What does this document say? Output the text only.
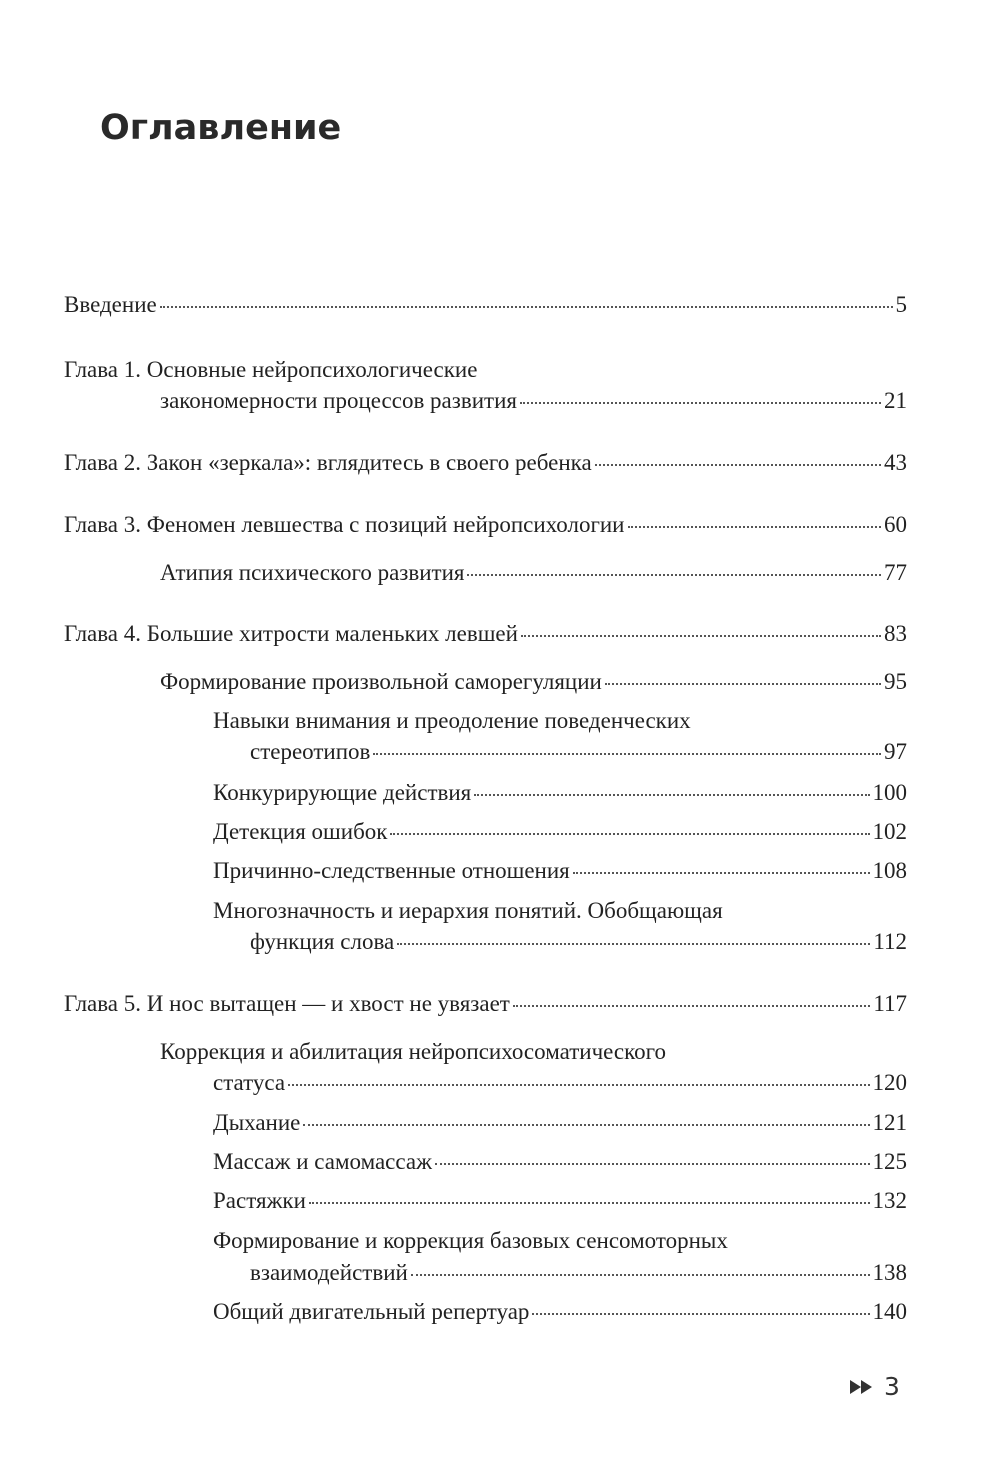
Оглавление
Введение	5
Глава 1. Основные нейропсихологические
закономерности процессов развития	21
Глава 2. Закон «зеркала»: вглядитесь в своего ребенка	43
Глава 3. Феномен левшества с позиций нейропсихологии	60
Атипия психического развития	77
Глава 4. Большие хитрости маленьких левшей	83
Формирование произвольной саморегуляции	95
Навыки внимания и преодоление поведенческих
стереотипов	97
Конкурирующие действия	100
Детекция ошибок	102
Причинно-следственные отношения	108
Многозначность и иерархия понятий. Обобщающая
функция слова	112
Глава 5. И нос вытащен — и хвост не увязает	117
Коррекция и абилитация нейропсихосоматического
статуса	120
Дыхание	121
Массаж и самомассаж	125
Растяжки	132
Формирование и коррекция базовых сенсомоторных
взаимодействий	138
Общий двигательный репертуар	140
3
